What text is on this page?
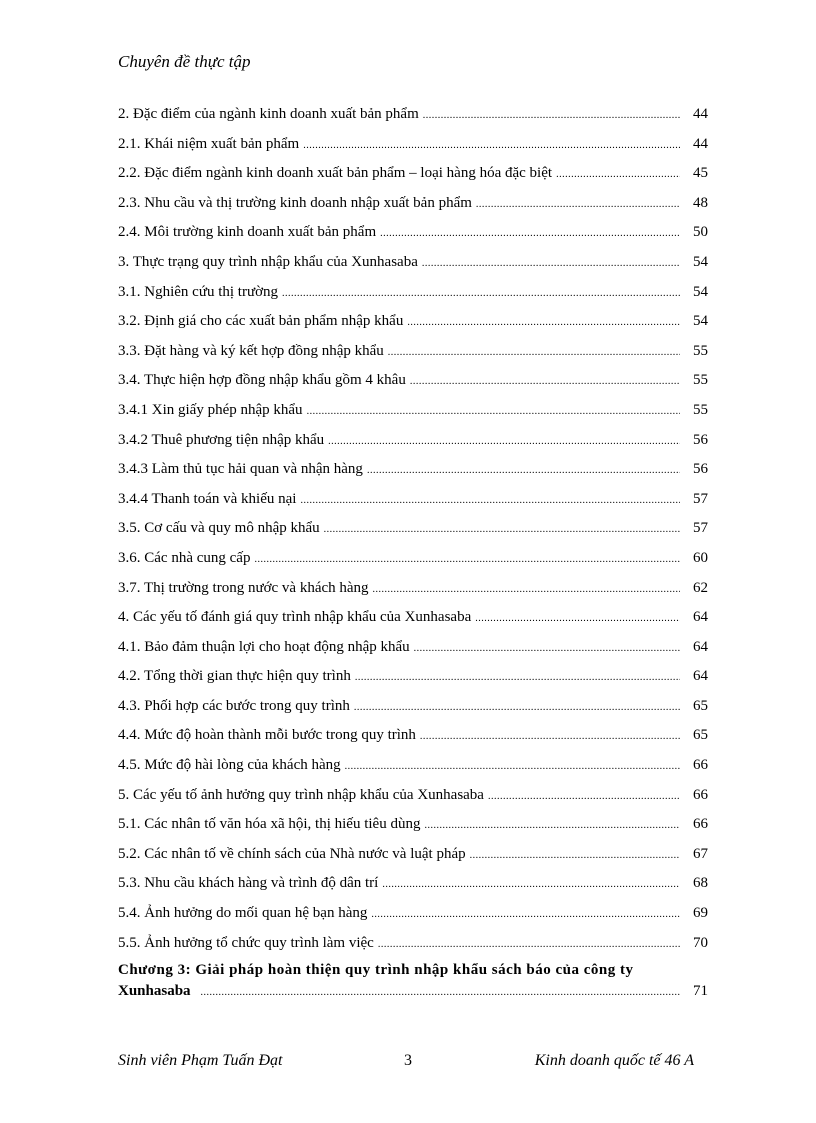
Chuyên đề thực tập
2. Đặc điểm của ngành kinh doanh xuất bản phẩm .....	44
2.1. Khái niệm xuất bản phẩm .....	44
2.2. Đặc điểm ngành kinh doanh xuất bản phẩm – loại hàng hóa đặc biệt .....	45
2.3. Nhu cầu và thị trường kinh doanh nhập xuất bản phẩm .....	48
2.4. Môi trường kinh doanh xuất bản phẩm .....	50
3. Thực trạng quy trình nhập khẩu của Xunhasaba .....	54
3.1. Nghiên cứu thị trường .....	54
3.2. Định giá cho các xuất bản phẩm nhập khẩu .....	54
3.3. Đặt hàng và ký kết hợp đồng nhập khẩu .....	55
3.4. Thực hiện hợp đồng nhập khẩu gồm 4 khâu .....	55
3.4.1 Xin giấy phép nhập khẩu .....	55
3.4.2 Thuê phương tiện nhập khẩu .....	56
3.4.3 Làm thủ tục hải quan và nhận hàng .....	56
3.4.4 Thanh toán và khiếu nại .....	57
3.5. Cơ cấu và quy mô nhập khẩu .....	57
3.6. Các nhà cung cấp .....	60
3.7. Thị trường trong nước và khách hàng .....	62
4. Các yếu tố đánh giá quy trình nhập khẩu của Xunhasaba .....	64
4.1. Bảo đảm thuận lợi cho hoạt động nhập khẩu .....	64
4.2. Tổng thời gian thực hiện quy trình .....	64
4.3. Phối hợp các bước trong quy trình .....	65
4.4. Mức độ hoàn thành mỗi bước trong quy trình .....	65
4.5. Mức độ hài lòng của khách hàng .....	66
5. Các yếu tố ảnh hưởng quy trình nhập khẩu của Xunhasaba .....	66
5.1. Các nhân tố văn hóa xã hội, thị hiếu tiêu dùng .....	66
5.2. Các nhân tố về chính sách của Nhà nước và luật pháp .....	67
5.3. Nhu cầu khách hàng và trình độ dân trí .....	68
5.4. Ảnh hưởng do mối quan hệ bạn hàng .....	69
5.5. Ảnh hưởng tổ chức quy trình làm việc .....	70
Chương 3: Giải pháp hoàn thiện quy trình nhập khẩu sách báo của công ty
Xunhasaba .....	71
Sinh viên Phạm Tuấn Đạt	3	Kinh doanh quốc tế 46 A
